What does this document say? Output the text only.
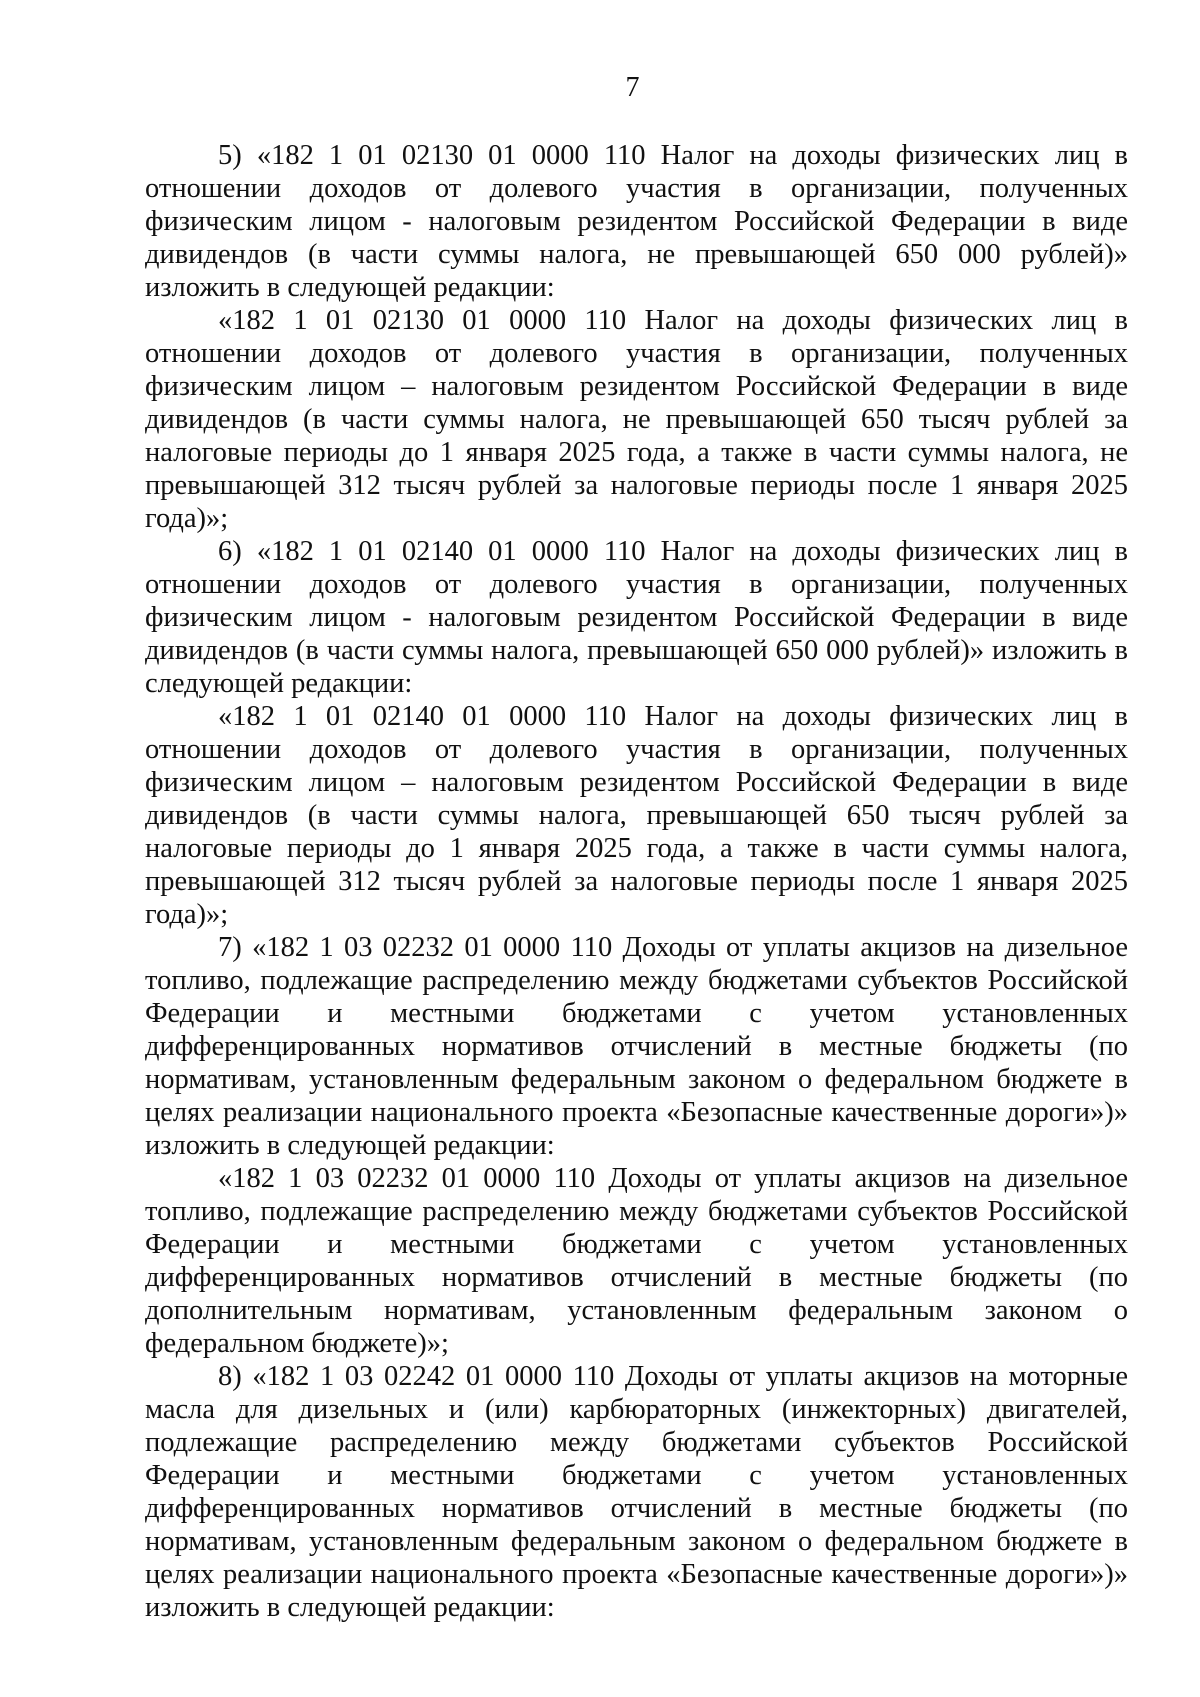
7

5) «182 1 01 02130 01 0000 110 Налог на доходы физических лиц в отношении доходов от долевого участия в организации, полученных физическим лицом - налоговым резидентом Российской Федерации в виде дивидендов (в части суммы налога, не превышающей 650 000 рублей)» изложить в следующей редакции:

«182 1 01 02130 01 0000 110 Налог на доходы физических лиц в отношении доходов от долевого участия в организации, полученных физическим лицом – налоговым резидентом Российской Федерации в виде дивидендов (в части суммы налога, не превышающей 650 тысяч рублей за налоговые периоды до 1 января 2025 года, а также в части суммы налога, не превышающей 312 тысяч рублей за налоговые периоды после 1 января 2025 года)»;

6) «182 1 01 02140 01 0000 110 Налог на доходы физических лиц в отношении доходов от долевого участия в организации, полученных физическим лицом - налоговым резидентом Российской Федерации в виде дивидендов (в части суммы налога, превышающей 650 000 рублей)» изложить в следующей редакции:

«182 1 01 02140 01 0000 110 Налог на доходы физических лиц в отношении доходов от долевого участия в организации, полученных физическим лицом – налоговым резидентом Российской Федерации в виде дивидендов (в части суммы налога, превышающей 650 тысяч рублей за налоговые периоды до 1 января 2025 года, а также в части суммы налога, превышающей 312 тысяч рублей за налоговые периоды после 1 января 2025 года)»;

7) «182 1 03 02232 01 0000 110 Доходы от уплаты акцизов на дизельное топливо, подлежащие распределению между бюджетами субъектов Российской Федерации и местными бюджетами с учетом установленных дифференцированных нормативов отчислений в местные бюджеты (по нормативам, установленным федеральным законом о федеральном бюджете в целях реализации национального проекта «Безопасные качественные дороги»)» изложить в следующей редакции:

«182 1 03 02232 01 0000 110 Доходы от уплаты акцизов на дизельное топливо, подлежащие распределению между бюджетами субъектов Российской Федерации и местными бюджетами с учетом установленных дифференцированных нормативов отчислений в местные бюджеты (по дополнительным нормативам, установленным федеральным законом о федеральном бюджете)»;

8) «182 1 03 02242 01 0000 110 Доходы от уплаты акцизов на моторные масла для дизельных и (или) карбюраторных (инжекторных) двигателей, подлежащие распределению между бюджетами субъектов Российской Федерации и местными бюджетами с учетом установленных дифференцированных нормативов отчислений в местные бюджеты (по нормативам, установленным федеральным законом о федеральном бюджете в целях реализации национального проекта «Безопасные качественные дороги»)» изложить в следующей редакции:
